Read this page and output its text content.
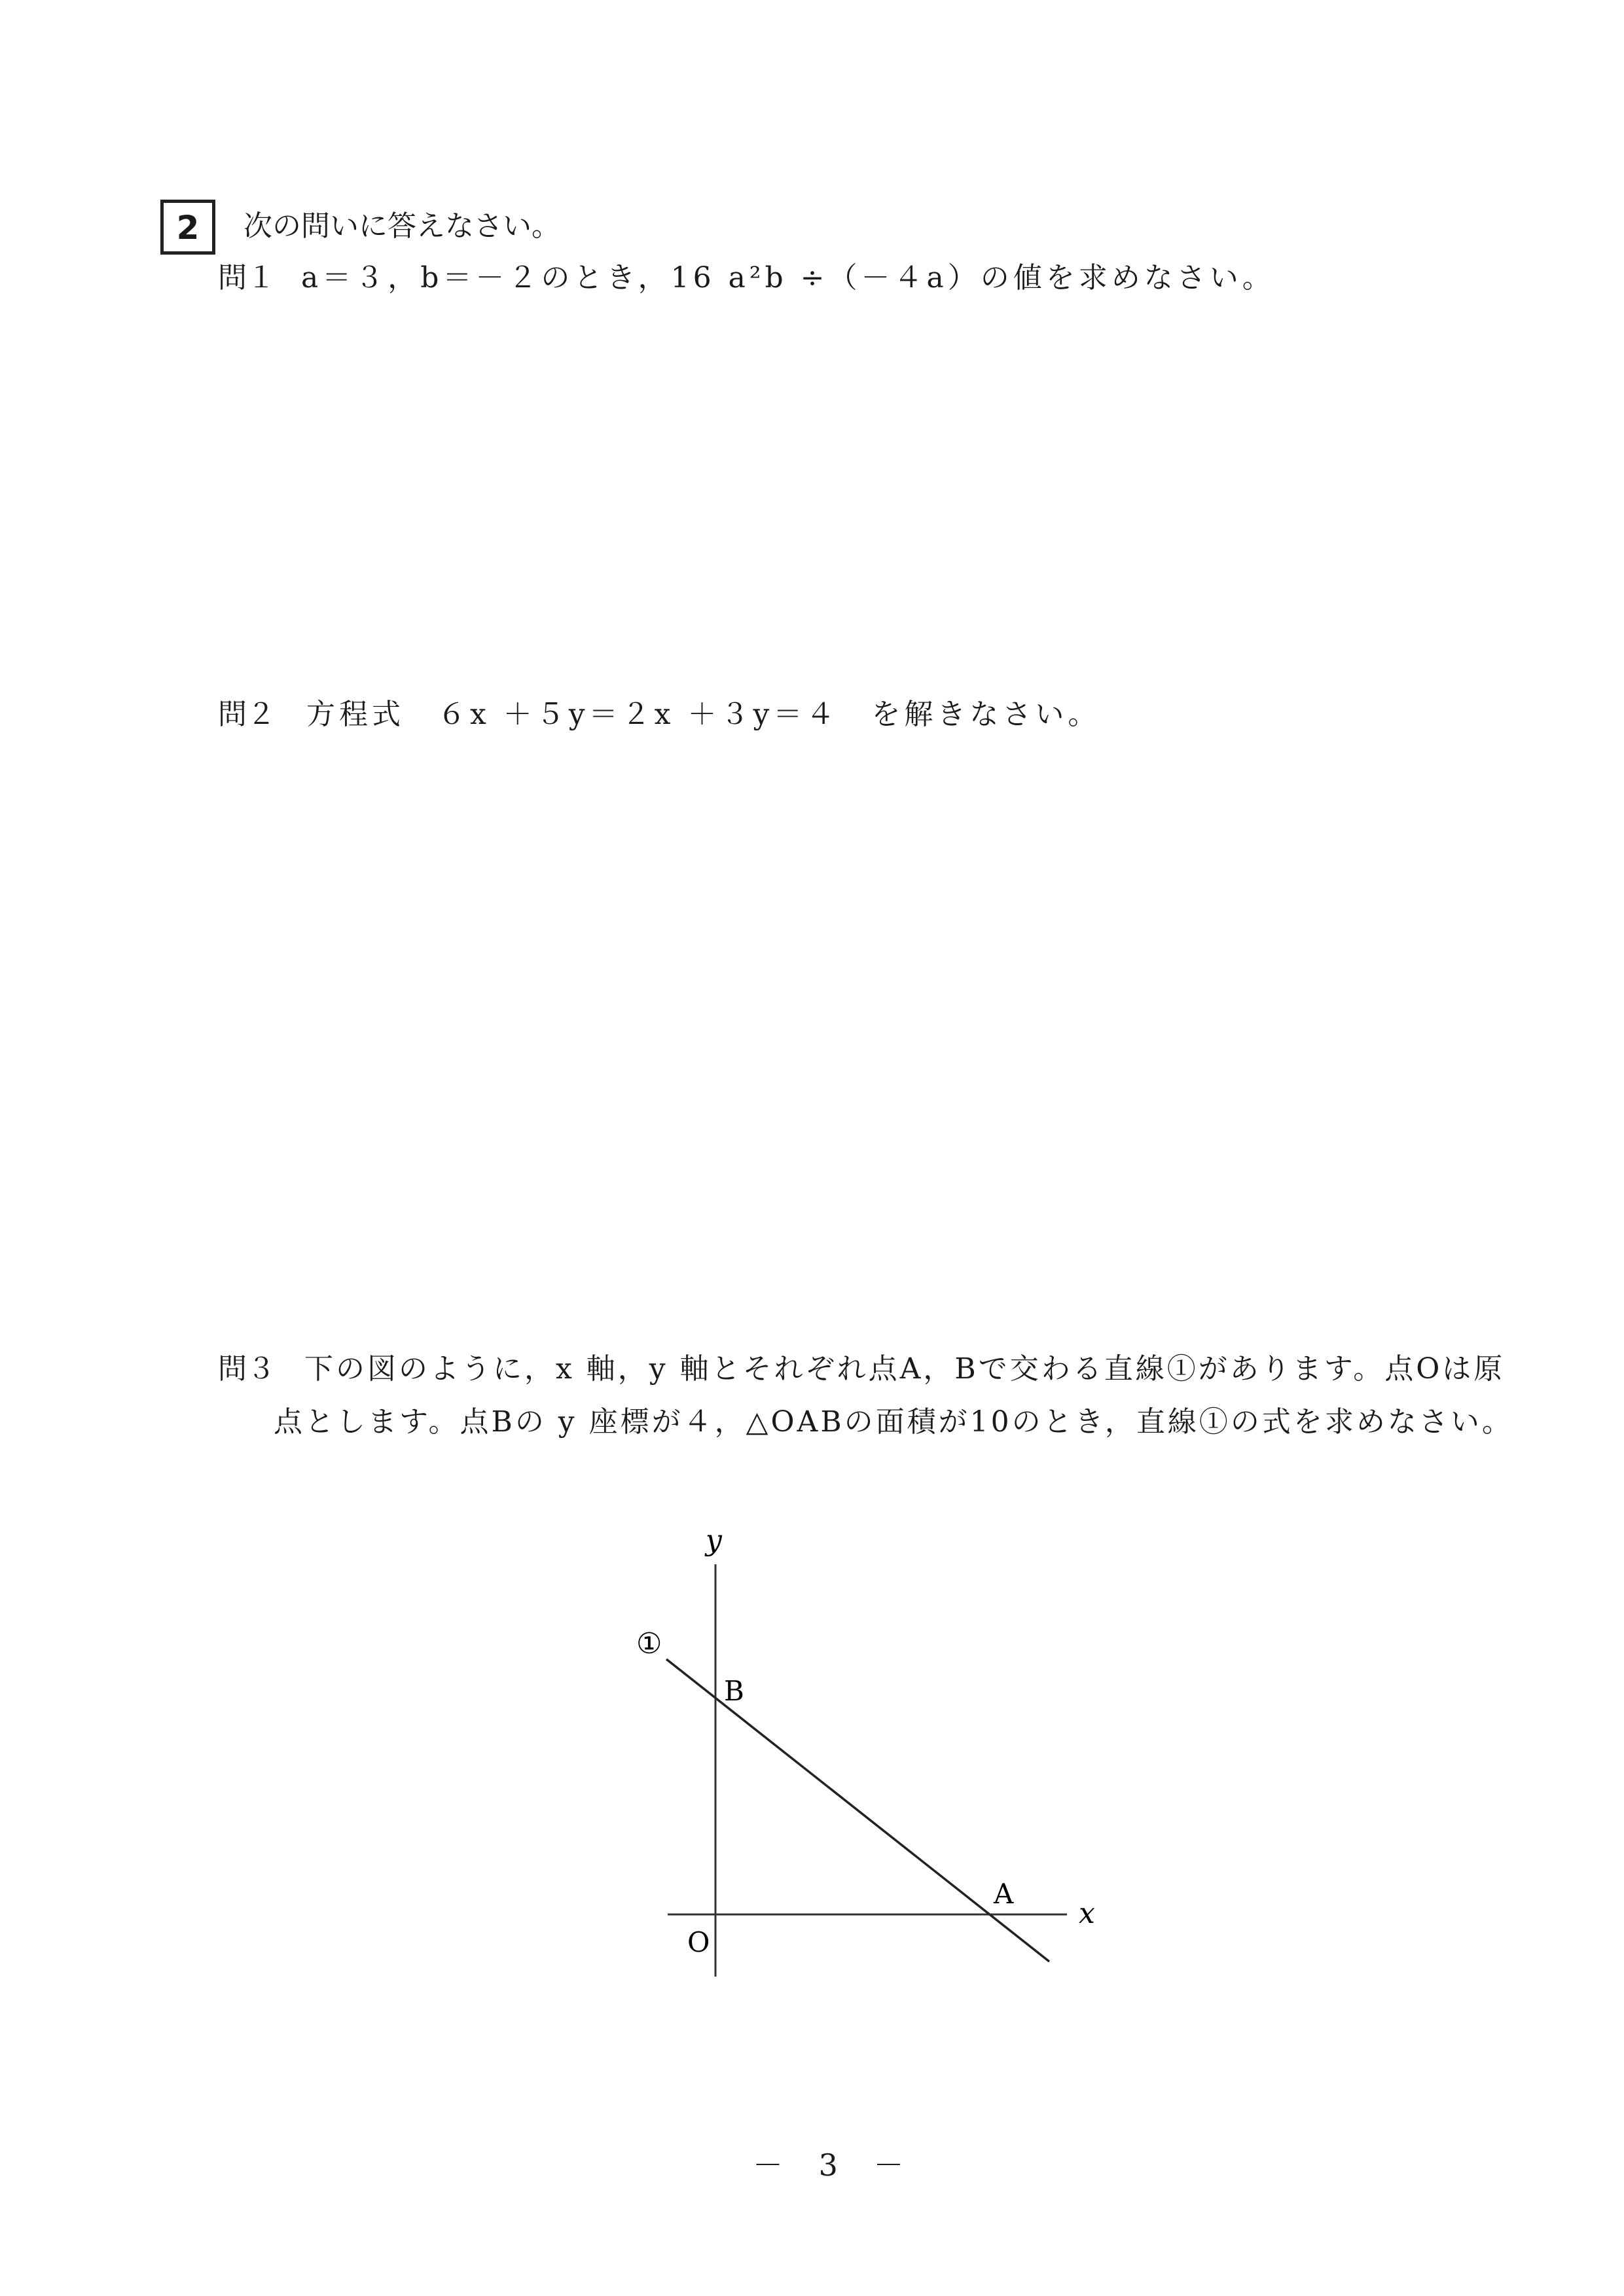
2	次の問いに答えなさい。
問１ a＝３，b＝－２のとき，16 a²b ÷（－４a）の値を求めなさい。
問２ 方程式　６x ＋５y＝２x ＋３y＝４　を解きなさい。
問３ 下の図のように，x 軸，y 軸とそれぞれ点A，Bで交わる直線①があります。点Oは原
点とします。点Bの y 座標が４，△OABの面積が10のとき，直線①の式を求めなさい。
y
x
O
A
B
①
－ 3 －
